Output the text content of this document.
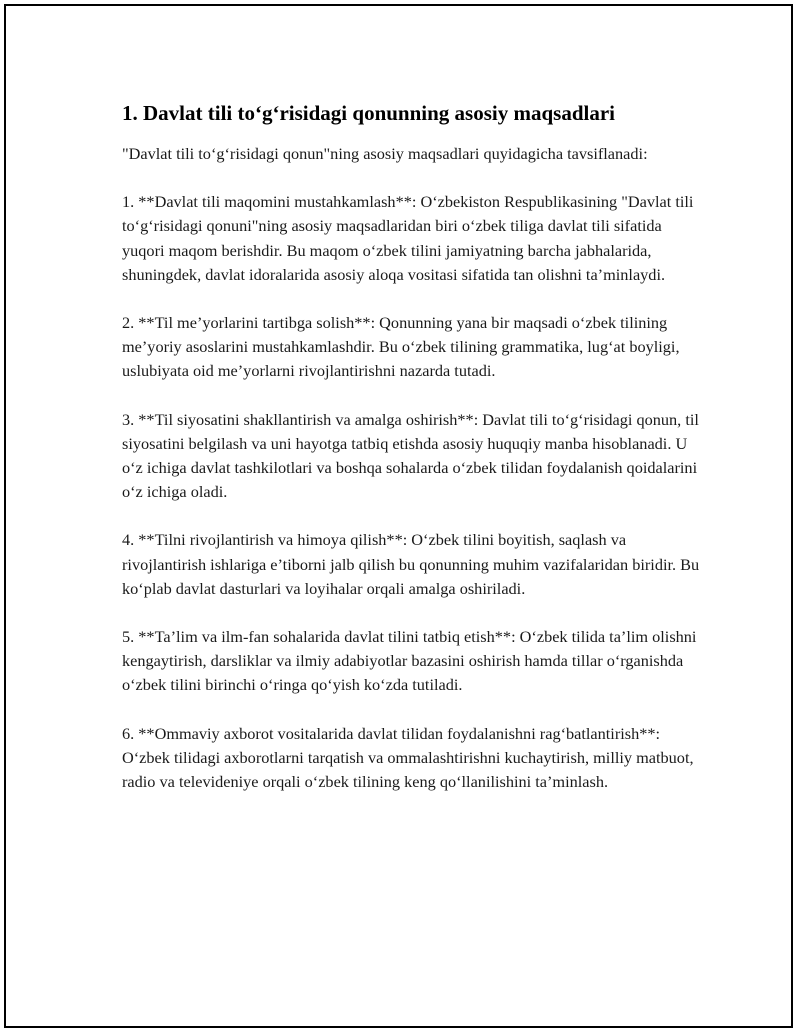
1. Davlat tili to‘g‘risidagi qonunning asosiy maqsadlari

"Davlat tili to‘g‘risidagi qonun"ning asosiy maqsadlari quyidagicha tavsiflanadi:

1. **Davlat tili maqomini mustahkamlash**: O‘zbekiston Respublikasining "Davlat tili to‘g‘risidagi qonuni"ning asosiy maqsadlaridan biri o‘zbek tiliga davlat tili sifatida yuqori maqom berishdir. Bu maqom o‘zbek tilini jamiyatning barcha jabhalarida, shuningdek, davlat idoralarida asosiy aloqa vositasi sifatida tan olishni ta’minlaydi.

2. **Til me’yorlarini tartibga solish**: Qonunning yana bir maqsadi o‘zbek tilining me’yoriy asoslarini mustahkamlashdir. Bu o‘zbek tilining grammatika, lug‘at boyligi, uslubiyata oid me’yorlarni rivojlantirishni nazarda tutadi.

3. **Til siyosatini shakllantirish va amalga oshirish**: Davlat tili to‘g‘risidagi qonun, til siyosatini belgilash va uni hayotga tatbiq etishda asosiy huquqiy manba hisoblanadi. U o‘z ichiga davlat tashkilotlari va boshqa sohalarda o‘zbek tilidan foydalanish qoidalarini o‘z ichiga oladi.

4. **Tilni rivojlantirish va himoya qilish**: O‘zbek tilini boyitish, saqlash va rivojlantirish ishlariga e’tiborni jalb qilish bu qonunning muhim vazifalaridan biridir. Bu ko‘plab davlat dasturlari va loyihalar orqali amalga oshiriladi.

5. **Ta’lim va ilm-fan sohalarida davlat tilini tatbiq etish**: O‘zbek tilida ta’lim olishni kengaytirish, darsliklar va ilmiy adabiyotlar bazasini oshirish hamda tillar o‘rganishda o‘zbek tilini birinchi o‘ringa qo‘yish ko‘zda tutiladi.

6. **Ommaviy axborot vositalarida davlat tilidan foydalanishni rag‘batlantirish**: O‘zbek tilidagi axborotlarni tarqatish va ommalashtirishni kuchaytirish, milliy matbuot, radio va televideniye orqali o‘zbek tilining keng qo‘llanilishini ta’minlash.
